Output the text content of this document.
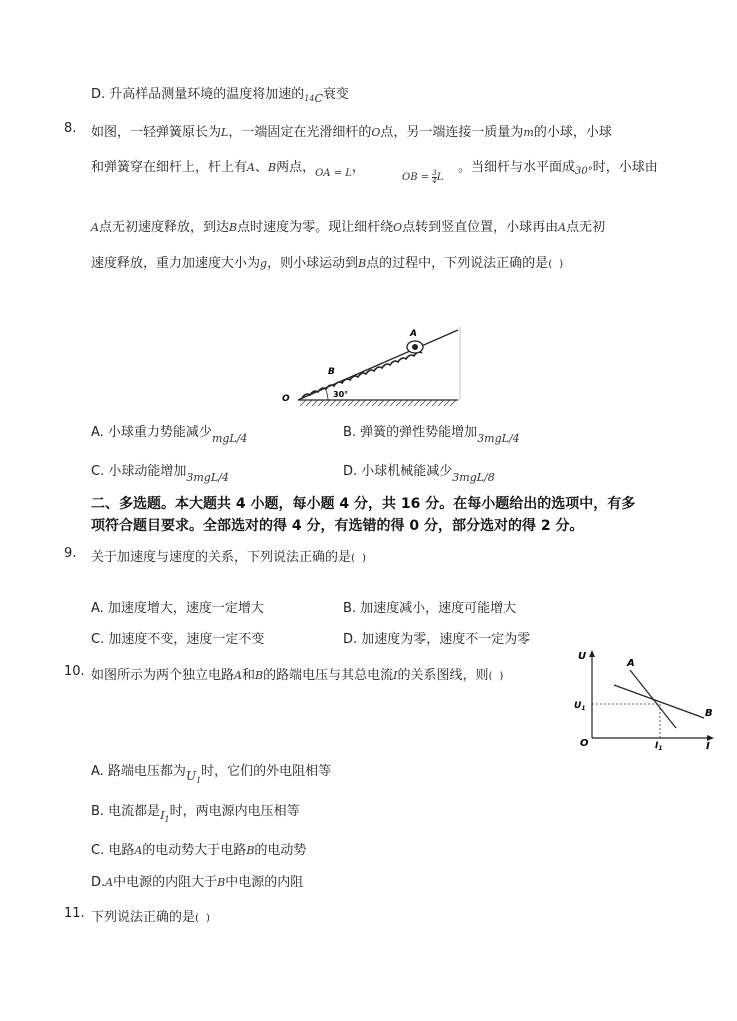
D. 升高样品测量环境的温度将加速的$_{14C}$衰变
8. 如图，一轻弹簧原长为L，一端固定在光滑细杆的O点，另一端连接一质量为m的小球，小球
和弹簧穿在细杆上，杆上有A、B两点，$_{OA = L}$，
OB = $\frac{3}{4}$ L
。当细杆与水平面成$_{30^\circ}$时，小球由
A点无初速度释放，到达B点时速度为零。现让细杆绕O点转到竖直位置，小球再由A点无初
速度释放，重力加速度大小为g，则小球运动到B点的过程中，下列说法正确的是( )
A
B
O	30°
A. 小球重力势能减少$_{mgL/4}$	B. 弹簧的弹性势能增加$_{3mgL/4}$
C. 小球动能增加$_{3mgL/4}$	D. 小球机械能减少$_{3mgL/8}$
二、多选题。本大题共 4 小题，每小题 4 分，共 16 分。在每小题给出的选项中，有多
项符合题目要求。全部选对的得 4 分，有选错的得 0 分，部分选对的得 2 分。
9. 关于加速度与速度的关系，下列说法正确的是( )
A. 加速度增大，速度一定增大	B. 加速度减小，速度可能增大
C. 加速度不变，速度一定不变	D. 加速度为零，速度不一定为零
10. 如图所示为两个独立电路A和B的路端电压与其总电流I的关系图线，则( )
U
I
O
$U_1$
$I_1$
A
B
A. 路端电压都为$U_1$时，它们的外电阻相等
B. 电流都是$_{I1}$时，两电源内电压相等
C. 电路A的电动势大于电路B的电动势
D.A中电源的内阻大于B中电源的内阻
11. 下列说法正确的是( )
